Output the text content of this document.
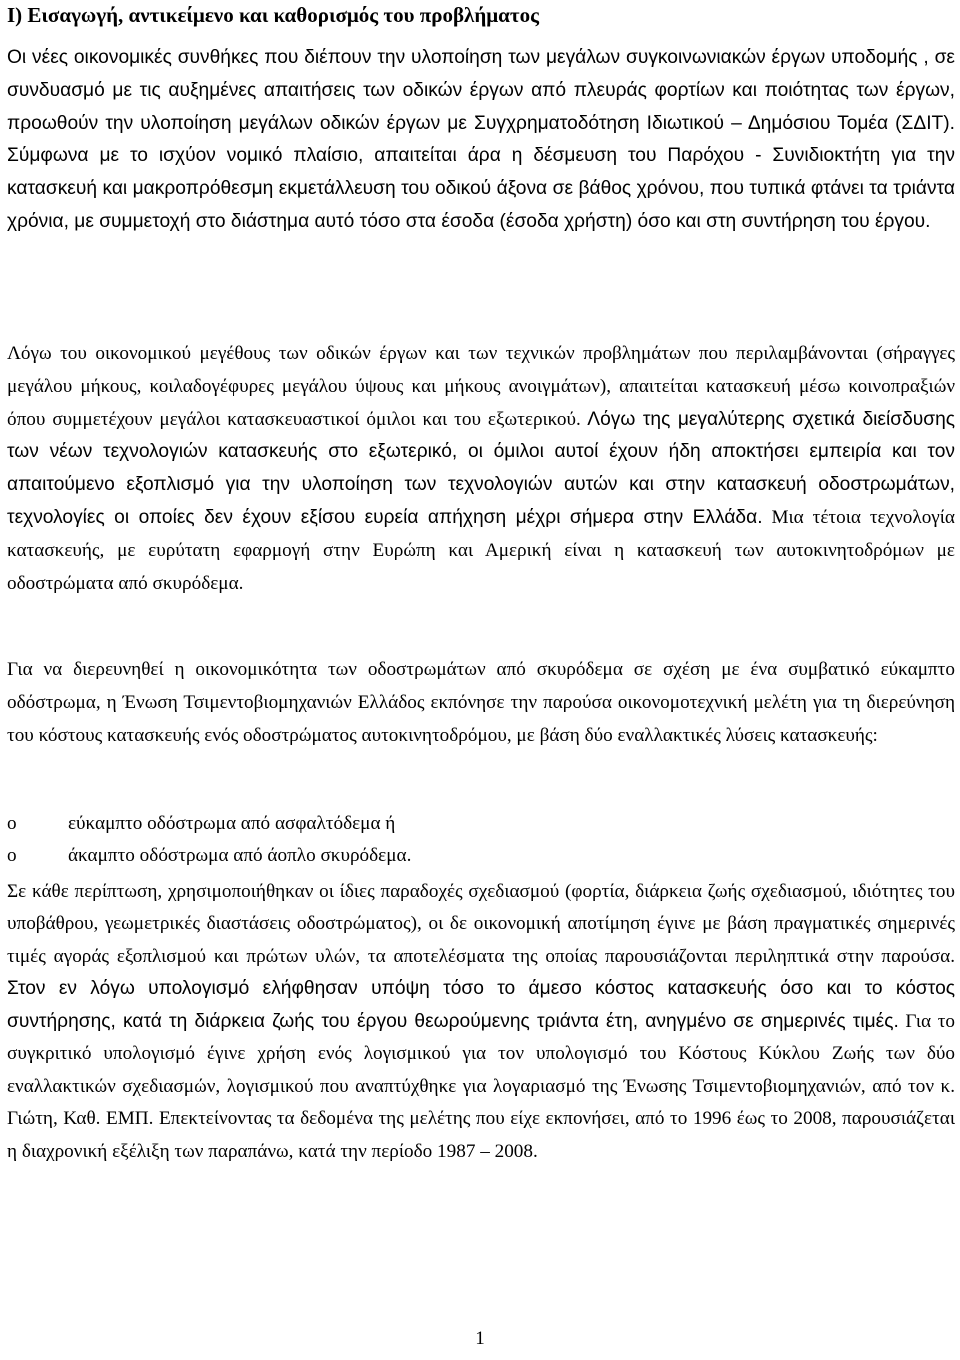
Ι) Εισαγωγή, αντικείμενο και καθορισμός του προβλήματος

Οι νέες οικονομικές συνθήκες που διέπουν την υλοποίηση των μεγάλων συγκοινωνιακών έργων υποδομής , σε συνδυασμό με τις αυξημένες απαιτήσεις των οδικών έργων από πλευράς φορτίων και ποιότητας των έργων, προωθούν την υλοποίηση μεγάλων οδικών έργων με Συγχρηματοδότηση Ιδιωτικού – Δημόσιου Τομέα (ΣΔΙΤ). Σύμφωνα με το ισχύον νομικό πλαίσιο, απαιτείται άρα η δέσμευση του Παρόχου - Συνιδιοκτήτη για την κατασκευή και μακροπρόθεσμη εκμετάλλευση του οδικού άξονα σε βάθος χρόνου, που τυπικά φτάνει τα τριάντα χρόνια, με συμμετοχή στο διάστημα αυτό τόσο στα έσοδα (έσοδα χρήστη) όσο και στη συντήρηση του έργου.

Λόγω του οικονομικού μεγέθους των οδικών έργων και των τεχνικών προβλημάτων που περιλαμβάνονται (σήραγγες μεγάλου μήκους, κοιλαδογέφυρες μεγάλου ύψους και μήκους ανοιγμάτων), απαιτείται κατασκευή μέσω κοινοπραξιών όπου συμμετέχουν μεγάλοι κατασκευαστικοί όμιλοι και του εξωτερικού. Λόγω της μεγαλύτερης σχετικά διείσδυσης των νέων τεχνολογιών κατασκευής στο εξωτερικό, οι όμιλοι αυτοί έχουν ήδη αποκτήσει εμπειρία και τον απαιτούμενο εξοπλισμό για την υλοποίηση των τεχνολογιών αυτών και στην κατασκευή οδοστρωμάτων, τεχνολογίες οι οποίες δεν έχουν εξίσου ευρεία απήχηση μέχρι σήμερα στην Ελλάδα. Μια τέτοια τεχνολογία κατασκευής, με ευρύτατη εφαρμογή στην Ευρώπη και Αμερική είναι η κατασκευή των αυτοκινητοδρόμων με οδοστρώματα από σκυρόδεμα.

Για να διερευνηθεί η οικονομικότητα των οδοστρωμάτων από σκυρόδεμα σε σχέση με ένα συμβατικό εύκαμπτο οδόστρωμα, η Ένωση Τσιμεντοβιομηχανιών Ελλάδος εκπόνησε την παρούσα οικονομοτεχνική μελέτη για τη διερεύνηση του κόστους κατασκευής ενός οδοστρώματος αυτοκινητοδρόμου, με βάση δύο εναλλακτικές λύσεις κατασκευής:

o	εύκαμπτο οδόστρωμα από ασφαλτόδεμα ή
o	άκαμπτο οδόστρωμα από άοπλο σκυρόδεμα.

Σε κάθε περίπτωση, χρησιμοποιήθηκαν οι ίδιες παραδοχές σχεδιασμού (φορτία, διάρκεια ζωής σχεδιασμού, ιδιότητες του υποβάθρου, γεωμετρικές διαστάσεις οδοστρώματος), οι δε οικονομική αποτίμηση έγινε με βάση πραγματικές σημερινές τιμές αγοράς εξοπλισμού και πρώτων υλών, τα αποτελέσματα της οποίας παρουσιάζονται περιληπτικά στην παρούσα. Στον εν λόγω υπολογισμό ελήφθησαν υπόψη τόσο το άμεσο κόστος κατασκευής όσο και το κόστος συντήρησης, κατά τη διάρκεια ζωής του έργου θεωρούμενης τριάντα έτη, ανηγμένο σε σημερινές τιμές. Για το συγκριτικό υπολογισμό έγινε χρήση ενός λογισμικού για τον υπολογισμό του Κόστους Κύκλου Ζωής των δύο εναλλακτικών σχεδιασμών, λογισμικού που αναπτύχθηκε για λογαριασμό της Ένωσης Τσιμεντοβιομηχανιών, από τον κ. Γιώτη, Καθ. ΕΜΠ. Επεκτείνοντας τα δεδομένα της μελέτης που είχε εκπονήσει, από το 1996 έως το 2008, παρουσιάζεται η διαχρονική εξέλιξη των παραπάνω, κατά την περίοδο 1987 – 2008.

1
